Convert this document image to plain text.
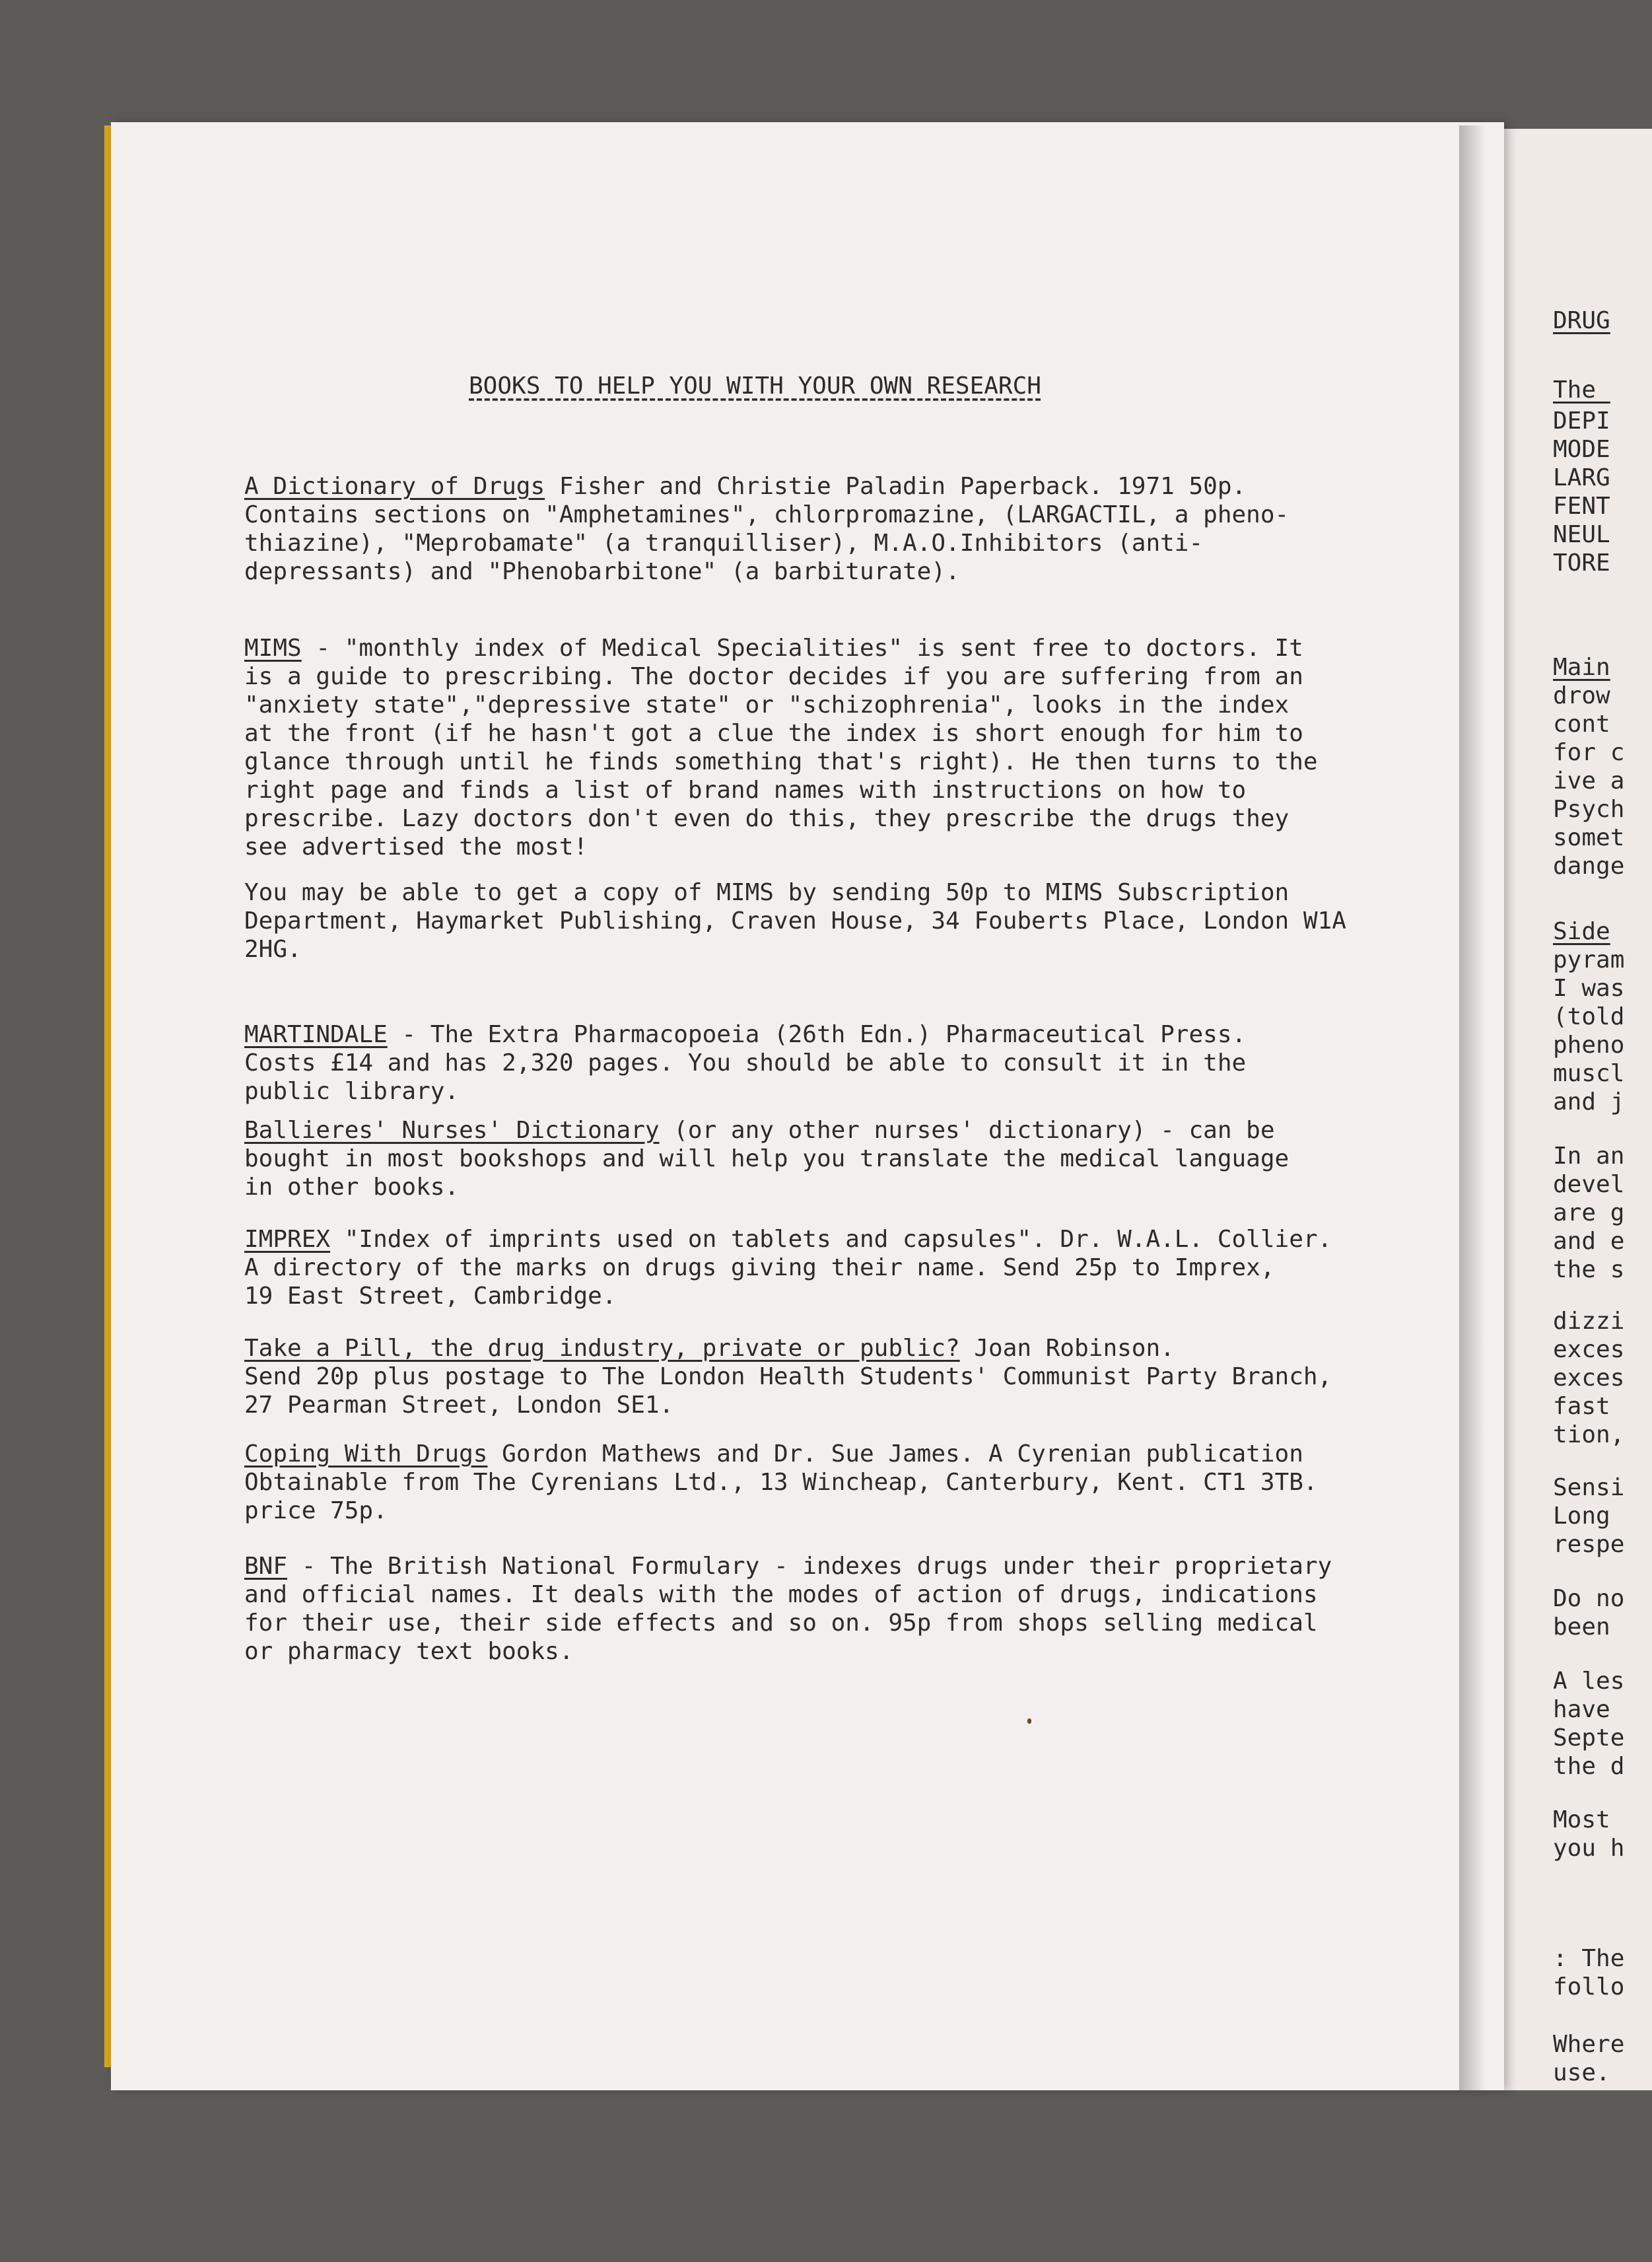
BOOKS TO HELP YOU WITH YOUR OWN RESEARCH
A Dictionary of Drugs Fisher and Christie Paladin Paperback. 1971 50p.
Contains sections on "Amphetamines", chlorpromazine, (LARGACTIL, a pheno-
thiazine), "Meprobamate" (a tranquilliser), M.A.O.Inhibitors (anti-
depressants) and "Phenobarbitone" (a barbiturate).
MIMS - "monthly index of Medical Specialities" is sent free to doctors. It
is a guide to prescribing. The doctor decides if you are suffering from an
"anxiety state","depressive state" or "schizophrenia", looks in the index
at the front (if he hasn't got a clue the index is short enough for him to
glance through until he finds something that's right). He then turns to the
right page and finds a list of brand names with instructions on how to
prescribe. Lazy doctors don't even do this, they prescribe the drugs they
see advertised the most!
You may be able to get a copy of MIMS by sending 50p to MIMS Subscription
Department, Haymarket Publishing, Craven House, 34 Fouberts Place, London W1A
2HG.
MARTINDALE - The Extra Pharmacopoeia (26th Edn.) Pharmaceutical Press.
Costs £14 and has 2,320 pages. You should be able to consult it in the
public library.
Ballieres' Nurses' Dictionary (or any other nurses' dictionary) - can be
bought in most bookshops and will help you translate the medical language
in other books.
IMPREX "Index of imprints used on tablets and capsules". Dr. W.A.L. Collier.
A directory of the marks on drugs giving their name. Send 25p to Imprex,
19 East Street, Cambridge.
Take a Pill, the drug industry, private or public? Joan Robinson.
Send 20p plus postage to The London Health Students' Communist Party Branch,
27 Pearman Street, London SE1.
Coping With Drugs Gordon Mathews and Dr. Sue James. A Cyrenian publication
Obtainable from The Cyrenians Ltd., 13 Wincheap, Canterbury, Kent. CT1 3TB.
price 75p.
BNF - The British National Formulary - indexes drugs under their proprietary
and official names. It deals with the modes of action of drugs, indications
for their use, their side effects and so on. 95p from shops selling medical
or pharmacy text books.
DRUG
The
DEPI
MODE
LARG
FENT
NEUL
TORE
Main
drow
cont
for c
ive a
Psych
somet
dange
Side
pyram
I was
(told
pheno
muscl
and j
In an
devel
are g
and e
the s
dizzi
exces
exces
fast
tion,
Sensi
Long
respe
Do no
been
A les
have
Septe
the d
Most
you h
: The
follo
Where
use.
